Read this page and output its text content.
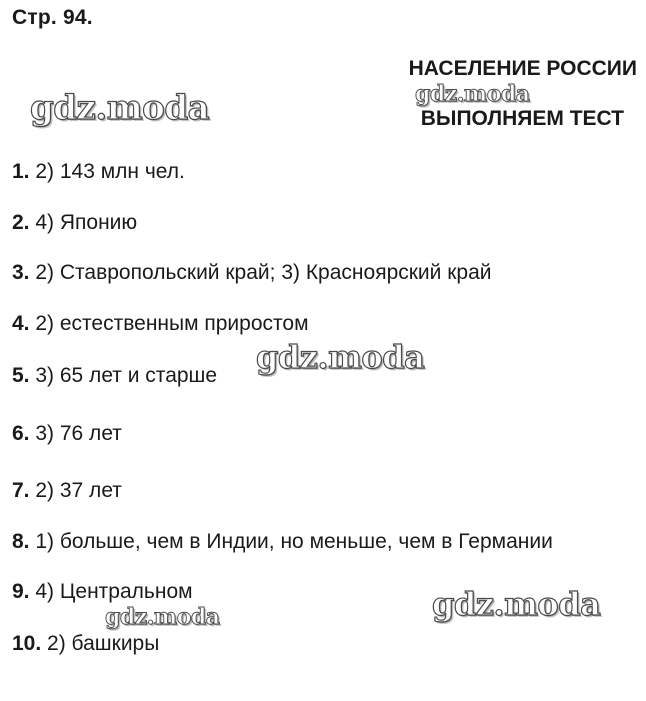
Стр. 94.
НАСЕЛЕНИЕ РОССИИ
ВЫПОЛНЯЕМ ТЕСТ
1. 2) 143 млн чел.
2. 4) Японию
3. 2) Ставропольский край; 3) Красноярский край
4. 2) естественным приростом
5. 3) 65 лет и старше
6. 3) 76 лет
7. 2) 37 лет
8. 1) больше, чем в Индии, но меньше, чем в Германии
9. 4) Центральном
10. 2) башкиры
gdz.moda	gdz.moda
gdz.moda
gdz.moda
gdz.moda
